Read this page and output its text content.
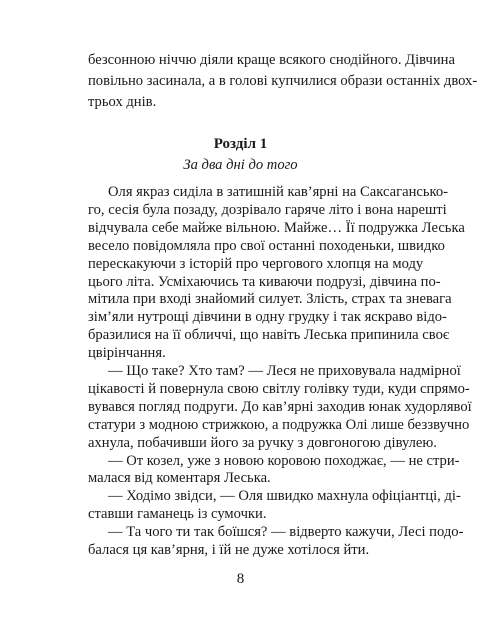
безсонною ніччю діяли краще всякого снодійного. Дівчина
повільно засинала, а в голові купчилися образи останніх двох-
трьох днів.
Розділ 1
За два дні до того
Оля якраз сиділа в затишній кав’ярні на Саксагансько-
го, сесія була позаду, дозрівало гаряче літо і вона нарешті
відчувала себе майже вільною. Майже… Її подружка Леська
весело повідомляла про свої останні походеньки, швидко
перескакуючи з історій про чергового хлопця на моду
цього літа. Усміхаючись та киваючи подрузі, дівчина по-
мітила при вході знайомий силует. Злість, страх та зневага
зім’яли нутрощі дівчини в одну грудку і так яскраво відо-
бразилися на її обличчі, що навіть Леська припинила своє
цвірінчання.
— Що таке? Хто там? — Леся не приховувала надмірної
цікавості й повернула свою світлу голівку туди, куди спрямо-
вувався погляд подруги. До кав’ярні заходив юнак худорлявої
статури з модною стрижкою, а подружка Олі лише беззвучно
ахнула, побачивши його за ручку з довгоногою дівулею.
— От козел, уже з новою коровою походжає, — не стри-
малася від коментаря Леська.
— Ходімо звідси, — Оля швидко махнула офіціантці, ді-
ставши гаманець із сумочки.
— Та чого ти так боїшся? — відверто кажучи, Лесі подо-
балася ця кав’ярня, і їй не дуже хотілося йти.
8
